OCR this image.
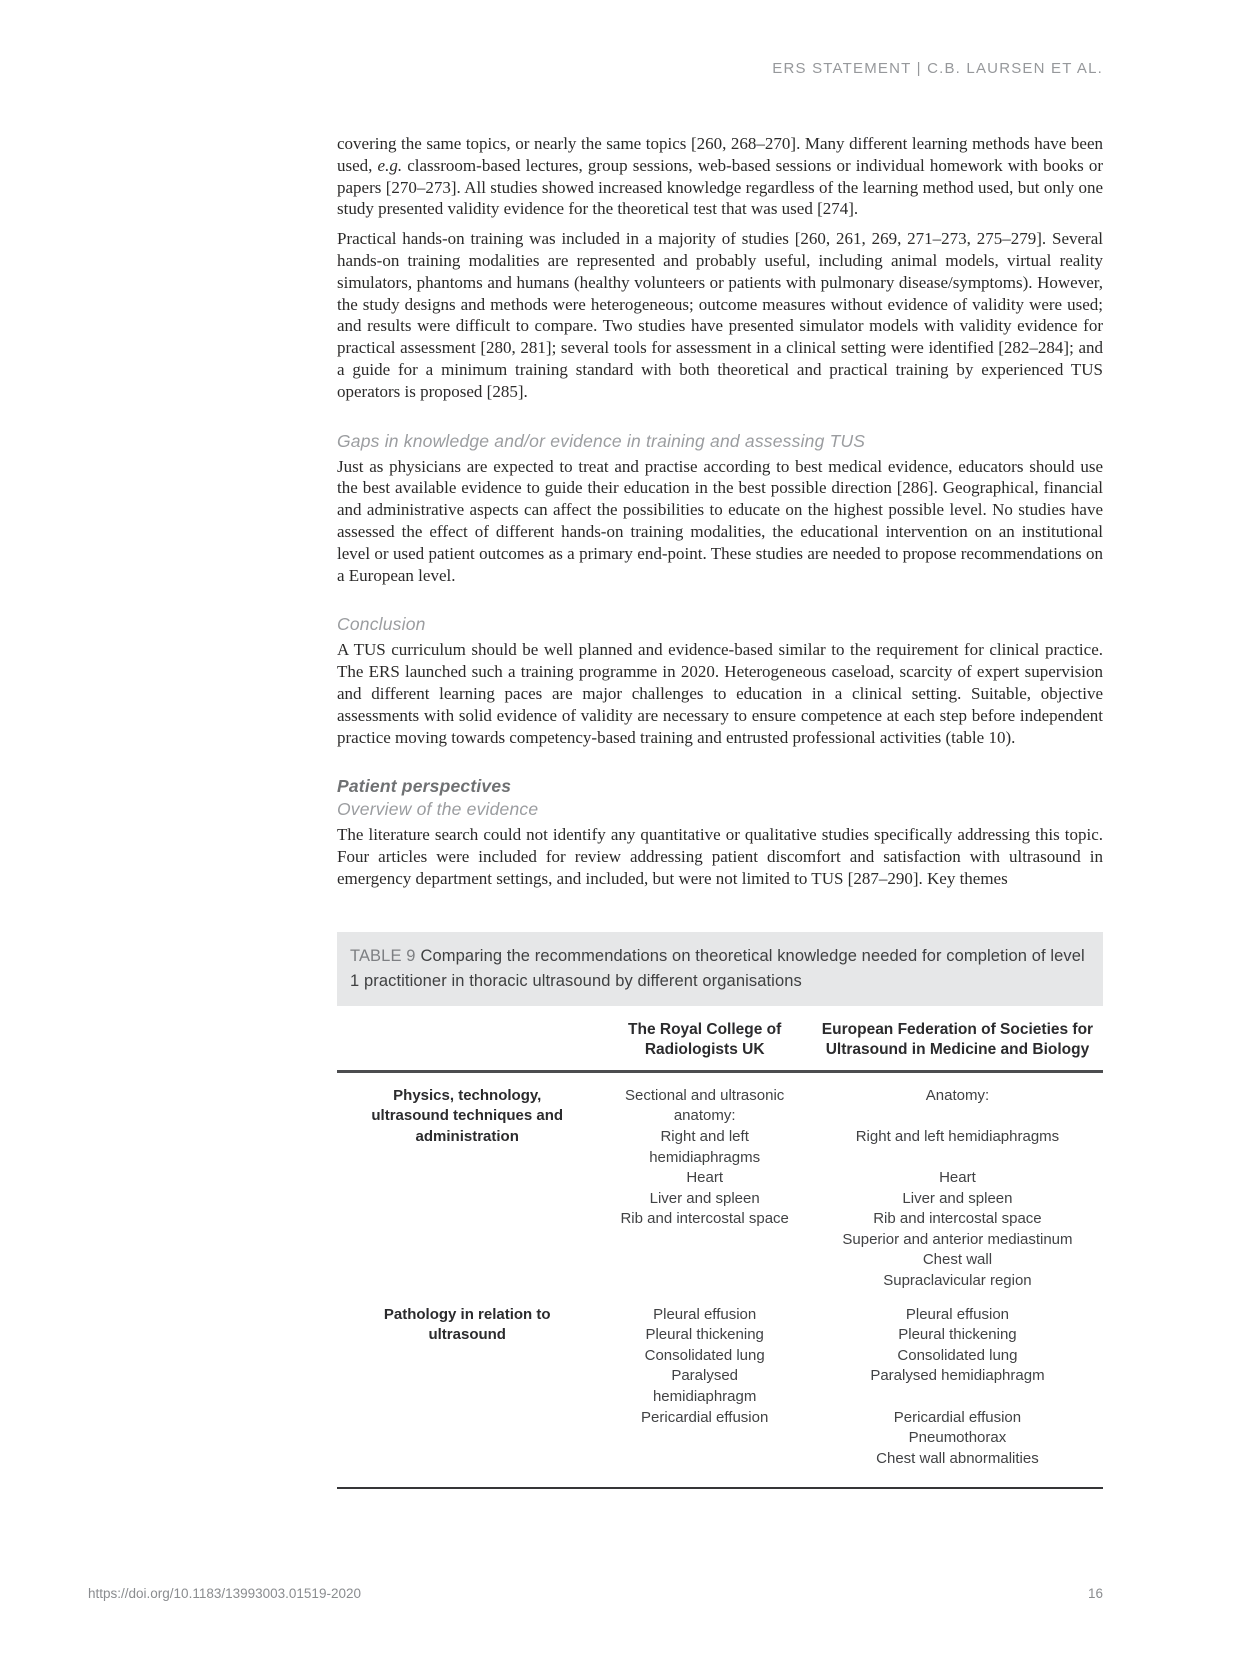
ERS STATEMENT | C.B. LAURSEN ET AL.

covering the same topics, or nearly the same topics [260, 268–270]. Many different learning methods have been used, e.g. classroom-based lectures, group sessions, web-based sessions or individual homework with books or papers [270–273]. All studies showed increased knowledge regardless of the learning method used, but only one study presented validity evidence for the theoretical test that was used [274].

Practical hands-on training was included in a majority of studies [260, 261, 269, 271–273, 275–279]. Several hands-on training modalities are represented and probably useful, including animal models, virtual reality simulators, phantoms and humans (healthy volunteers or patients with pulmonary disease/symptoms). However, the study designs and methods were heterogeneous; outcome measures without evidence of validity were used; and results were difficult to compare. Two studies have presented simulator models with validity evidence for practical assessment [280, 281]; several tools for assessment in a clinical setting were identified [282–284]; and a guide for a minimum training standard with both theoretical and practical training by experienced TUS operators is proposed [285].

Gaps in knowledge and/or evidence in training and assessing TUS

Just as physicians are expected to treat and practise according to best medical evidence, educators should use the best available evidence to guide their education in the best possible direction [286]. Geographical, financial and administrative aspects can affect the possibilities to educate on the highest possible level. No studies have assessed the effect of different hands-on training modalities, the educational intervention on an institutional level or used patient outcomes as a primary end-point. These studies are needed to propose recommendations on a European level.

Conclusion

A TUS curriculum should be well planned and evidence-based similar to the requirement for clinical practice. The ERS launched such a training programme in 2020. Heterogeneous caseload, scarcity of expert supervision and different learning paces are major challenges to education in a clinical setting. Suitable, objective assessments with solid evidence of validity are necessary to ensure competence at each step before independent practice moving towards competency-based training and entrusted professional activities (table 10).

Patient perspectives
Overview of the evidence

The literature search could not identify any quantitative or qualitative studies specifically addressing this topic. Four articles were included for review addressing patient discomfort and satisfaction with ultrasound in emergency department settings, and included, but were not limited to TUS [287–290]. Key themes

TABLE 9 Comparing the recommendations on theoretical knowledge needed for completion of level 1 practitioner in thoracic ultrasound by different organisations
The Royal College of Radiologists UK
European Federation of Societies for Ultrasound in Medicine and Biology
Physics, technology, ultrasound techniques and administration
Sectional and ultrasonic
anatomy:
Right and left
hemidiaphragms
Heart
Liver and spleen
Rib and intercostal space
Anatomy:

Right and left hemidiaphragms

Heart
Liver and spleen
Rib and intercostal space
Superior and anterior mediastinum
Chest wall
Supraclavicular region
Pathology in relation to ultrasound
Pleural effusion
Pleural thickening
Consolidated lung
Paralysed
hemidiaphragm
Pericardial effusion
Pleural effusion
Pleural thickening
Consolidated lung
Paralysed hemidiaphragm

Pericardial effusion
Pneumothorax
Chest wall abnormalities
https://doi.org/10.1183/13993003.01519-2020	16
